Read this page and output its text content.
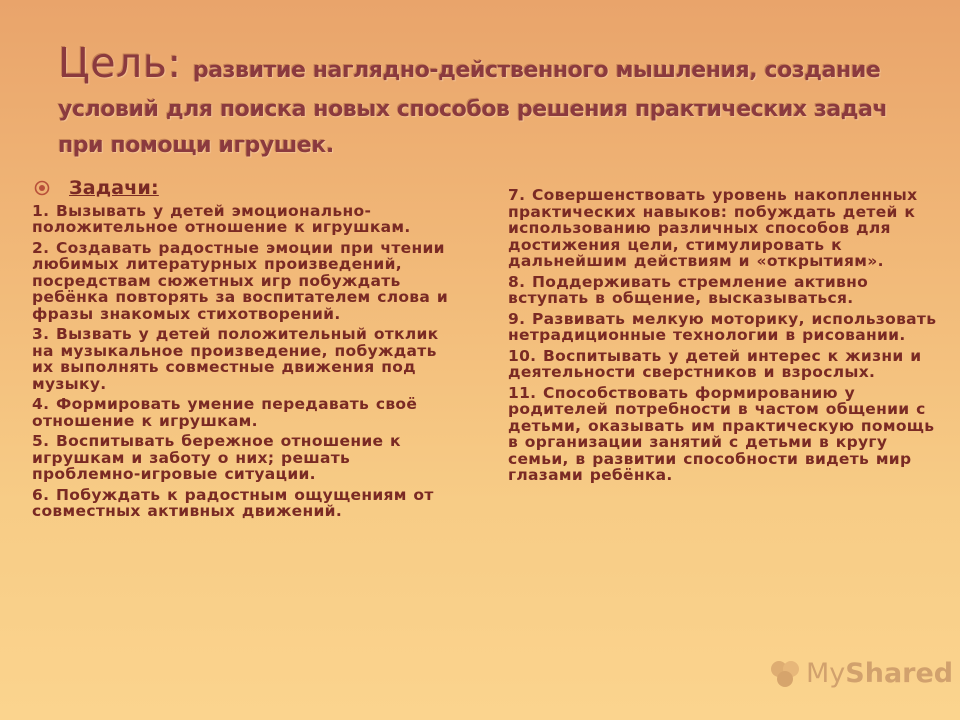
Цель: развитие наглядно-действенного мышления, создание условий для поиска новых способов решения практических задач при помощи игрушек.
Задачи:

1. Вызывать у детей эмоционально-положительное отношение к игрушкам.

2. Создавать радостные эмоции при чтении любимых литературных произведений, посредствам сюжетных игр побуждать ребёнка повторять за воспитателем слова и фразы знакомых стихотворений.

3. Вызвать у детей положительный отклик на музыкальное произведение, побуждать их выполнять совместные движения под музыку.

4. Формировать умение передавать своё отношение к игрушкам.

5. Воспитывать бережное отношение к игрушкам и заботу о них; решать проблемно-игровые ситуации.

6. Побуждать к радостным ощущениям от совместных активных движений.

7. Совершенствовать уровень накопленных практических навыков: побуждать детей к использованию различных способов для достижения цели, стимулировать к дальнейшим действиям и «открытиям».

8. Поддерживать стремление активно вступать в общение, высказываться.

9. Развивать мелкую моторику, использовать нетрадиционные технологии в рисовании.

10. Воспитывать у детей интерес к жизни и деятельности сверстников и взрослых.

11. Способствовать формированию у родителей потребности в частом общении с детьми, оказывать им практическую помощь в организации занятий с детьми в кругу семьи, в развитии способности видеть мир глазами ребёнка.

MyShared
